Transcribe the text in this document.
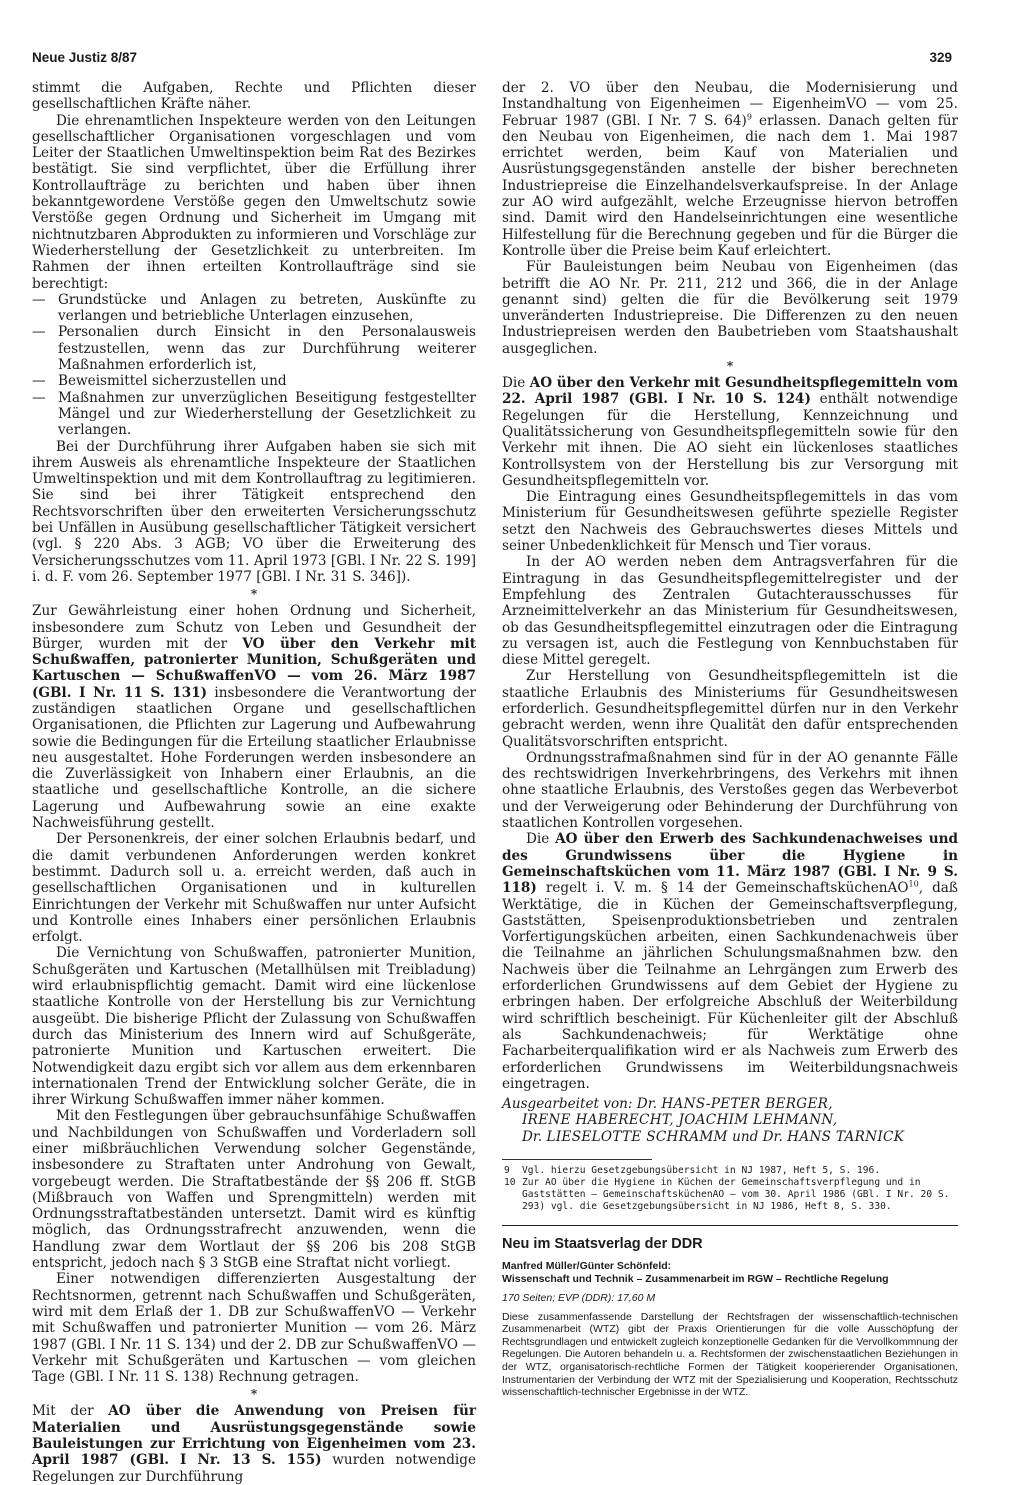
Neue Justiz 8/87	329

stimmt die Aufgaben, Rechte und Pflichten dieser gesellschaftlichen Kräfte näher.

Die ehrenamtlichen Inspekteure werden von den Leitungen gesellschaftlicher Organisationen vorgeschlagen und vom Leiter der Staatlichen Umweltinspektion beim Rat des Bezirkes bestätigt. Sie sind verpflichtet, über die Erfüllung ihrer Kontrollaufträge zu berichten und haben über ihnen bekanntgewordene Verstöße gegen den Umweltschutz sowie Verstöße gegen Ordnung und Sicherheit im Umgang mit nichtnutzbaren Abprodukten zu informieren und Vorschläge zur Wiederherstellung der Gesetzlichkeit zu unterbreiten. Im Rahmen der ihnen erteilten Kontrollaufträge sind sie berechtigt:

— Grundstücke und Anlagen zu betreten, Auskünfte zu verlangen und betriebliche Unterlagen einzusehen,
— Personalien durch Einsicht in den Personalausweis festzustellen, wenn das zur Durchführung weiterer Maßnahmen erforderlich ist,
— Beweismittel sicherzustellen und
— Maßnahmen zur unverzüglichen Beseitigung festgestellter Mängel und zur Wiederherstellung der Gesetzlichkeit zu verlangen.

Bei der Durchführung ihrer Aufgaben haben sie sich mit ihrem Ausweis als ehrenamtliche Inspekteure der Staatlichen Umweltinspektion und mit dem Kontrollauftrag zu legitimieren. Sie sind bei ihrer Tätigkeit entsprechend den Rechtsvorschriften über den erweiterten Versicherungsschutz bei Unfällen in Ausübung gesellschaftlicher Tätigkeit versichert (vgl. § 220 Abs. 3 AGB; VO über die Erweiterung des Versicherungsschutzes vom 11. April 1973 [GBl. I Nr. 22 S. 199] i. d. F. vom 26. September 1977 [GBl. I Nr. 31 S. 346]).

*

Zur Gewährleistung einer hohen Ordnung und Sicherheit, insbesondere zum Schutz von Leben und Gesundheit der Bürger, wurden mit der VO über den Verkehr mit Schußwaffen, patronierter Munition, Schußgeräten und Kartuschen — SchußwaffenVO — vom 26. März 1987 (GBl. I Nr. 11 S. 131) insbesondere die Verantwortung der zuständigen staatlichen Organe und gesellschaftlichen Organisationen, die Pflichten zur Lagerung und Aufbewahrung sowie die Bedingungen für die Erteilung staatlicher Erlaubnisse neu ausgestaltet. Hohe Forderungen werden insbesondere an die Zuverlässigkeit von Inhabern einer Erlaubnis, an die staatliche und gesellschaftliche Kontrolle, an die sichere Lagerung und Aufbewahrung sowie an eine exakte Nachweisführung gestellt.

Der Personenkreis, der einer solchen Erlaubnis bedarf, und die damit verbundenen Anforderungen werden konkret bestimmt. Dadurch soll u. a. erreicht werden, daß auch in gesellschaftlichen Organisationen und in kulturellen Einrichtungen der Verkehr mit Schußwaffen nur unter Aufsicht und Kontrolle eines Inhabers einer persönlichen Erlaubnis erfolgt.

Die Vernichtung von Schußwaffen, patronierter Munition, Schußgeräten und Kartuschen (Metallhülsen mit Treibladung) wird erlaubnispflichtig gemacht. Damit wird eine lückenlose staatliche Kontrolle von der Herstellung bis zur Vernichtung ausgeübt. Die bisherige Pflicht der Zulassung von Schußwaffen durch das Ministerium des Innern wird auf Schußgeräte, patronierte Munition und Kartuschen erweitert. Die Notwendigkeit dazu ergibt sich vor allem aus dem erkennbaren internationalen Trend der Entwicklung solcher Geräte, die in ihrer Wirkung Schußwaffen immer näher kommen.

Mit den Festlegungen über gebrauchsunfähige Schußwaffen und Nachbildungen von Schußwaffen und Vorderladern soll einer mißbräuchlichen Verwendung solcher Gegenstände, insbesondere zu Straftaten unter Androhung von Gewalt, vorgebeugt werden. Die Straftatbestände der §§ 206 ff. StGB (Mißbrauch von Waffen und Sprengmitteln) werden mit Ordnungsstraftatbeständen untersetzt. Damit wird es künftig möglich, das Ordnungsstrafrecht anzuwenden, wenn die Handlung zwar dem Wortlaut der §§ 206 bis 208 StGB entspricht, jedoch nach § 3 StGB eine Straftat nicht vorliegt.

Einer notwendigen differenzierten Ausgestaltung der Rechtsnormen, getrennt nach Schußwaffen und Schußgeräten, wird mit dem Erlaß der 1. DB zur SchußwaffenVO — Verkehr mit Schußwaffen und patronierter Munition — vom 26. März 1987 (GBl. I Nr. 11 S. 134) und der 2. DB zur SchußwaffenVO — Verkehr mit Schußgeräten und Kartuschen — vom gleichen Tage (GBl. I Nr. 11 S. 138) Rechnung getragen.

*

Mit der AO über die Anwendung von Preisen für Materialien und Ausrüstungsgegenstände sowie Bauleistungen zur Errichtung von Eigenheimen vom 23. April 1987 (GBl. I Nr. 13 S. 155) wurden notwendige Regelungen zur Durchführung

der 2. VO über den Neubau, die Modernisierung und Instandhaltung von Eigenheimen — EigenheimVO — vom 25. Februar 1987 (GBl. I Nr. 7 S. 64)$^9$ erlassen. Danach gelten für den Neubau von Eigenheimen, die nach dem 1. Mai 1987 errichtet werden, beim Kauf von Materialien und Ausrüstungsgegenständen anstelle der bisher berechneten Industriepreise die Einzelhandelsverkaufspreise. In der Anlage zur AO wird aufgezählt, welche Erzeugnisse hiervon betroffen sind. Damit wird den Handelseinrichtungen eine wesentliche Hilfestellung für die Berechnung gegeben und für die Bürger die Kontrolle über die Preise beim Kauf erleichtert.

Für Bauleistungen beim Neubau von Eigenheimen (das betrifft die AO Nr. Pr. 211, 212 und 366, die in der Anlage genannt sind) gelten die für die Bevölkerung seit 1979 unveränderten Industriepreise. Die Differenzen zu den neuen Industriepreisen werden den Baubetrieben vom Staatshaushalt ausgeglichen.

*

Die AO über den Verkehr mit Gesundheitspflegemitteln vom 22. April 1987 (GBl. I Nr. 10 S. 124) enthält notwendige Regelungen für die Herstellung, Kennzeichnung und Qualitätssicherung von Gesundheitspflegemitteln sowie für den Verkehr mit ihnen. Die AO sieht ein lückenloses staatliches Kontrollsystem von der Herstellung bis zur Versorgung mit Gesundheitspflegemitteln vor.

Die Eintragung eines Gesundheitspflegemittels in das vom Ministerium für Gesundheitswesen geführte spezielle Register setzt den Nachweis des Gebrauchswertes dieses Mittels und seiner Unbedenklichkeit für Mensch und Tier voraus.

In der AO werden neben dem Antragsverfahren für die Eintragung in das Gesundheitspflegemittelregister und der Empfehlung des Zentralen Gutachterausschusses für Arzneimittelverkehr an das Ministerium für Gesundheitswesen, ob das Gesundheitspflegemittel einzutragen oder die Eintragung zu versagen ist, auch die Festlegung von Kennbuchstaben für diese Mittel geregelt.

Zur Herstellung von Gesundheitspflegemitteln ist die staatliche Erlaubnis des Ministeriums für Gesundheitswesen erforderlich. Gesundheitspflegemittel dürfen nur in den Verkehr gebracht werden, wenn ihre Qualität den dafür entsprechenden Qualitätsvorschriften entspricht.

Ordnungsstrafmaßnahmen sind für in der AO genannte Fälle des rechtswidrigen Inverkehrbringens, des Verkehrs mit ihnen ohne staatliche Erlaubnis, des Verstoßes gegen das Werbeverbot und der Verweigerung oder Behinderung der Durchführung von staatlichen Kontrollen vorgesehen.

Die AO über den Erwerb des Sachkundenachweises und des Grundwissens über die Hygiene in Gemeinschaftsküchen vom 11. März 1987 (GBl. I Nr. 9 S. 118) regelt i. V. m. § 14 der GemeinschaftsküchenAO$^{10}$, daß Werktätige, die in Küchen der Gemeinschaftsverpflegung, Gaststätten, Speisenproduktionsbetrieben und zentralen Vorfertigungsküchen arbeiten, einen Sachkundenachweis über die Teilnahme an jährlichen Schulungsmaßnahmen bzw. den Nachweis über die Teilnahme an Lehrgängen zum Erwerb des erforderlichen Grundwissens auf dem Gebiet der Hygiene zu erbringen haben. Der erfolgreiche Abschluß der Weiterbildung wird schriftlich bescheinigt. Für Küchenleiter gilt der Abschluß als Sachkundenachweis; für Werktätige ohne Facharbeiterqualifikation wird er als Nachweis zum Erwerb des erforderlichen Grundwissens im Weiterbildungsnachweis eingetragen.

Ausgearbeitet von: Dr. HANS-PETER BERGER,
IRENE HABERECHT, JOACHIM LEHMANN,
Dr. LIESELOTTE SCHRAMM und Dr. HANS TARNICK
9 Vgl. hierzu Gesetzgebungsübersicht in NJ 1987, Heft 5, S. 196.
10 Zur AO über die Hygiene in Küchen der Gemeinschaftsverpflegung und in Gaststätten – GemeinschaftsküchenAO – vom 30. April 1986 (GBl. I Nr. 20 S. 293) vgl. die Gesetzgebungsübersicht in NJ 1986, Heft 8, S. 330.
Neu im Staatsverlag der DDR
Manfred Müller/Günter Schönfeld:
Wissenschaft und Technik – Zusammenarbeit im RGW – Rechtliche Regelung
170 Seiten; EVP (DDR): 17,60 M
Diese zusammenfassende Darstellung der Rechtsfragen der wissenschaftlich-technischen Zusammenarbeit (WTZ) gibt der Praxis Orientierungen für die volle Ausschöpfung der Rechtsgrundlagen und entwickelt zugleich konzeptionelle Gedanken für die Vervollkommnung der Regelungen. Die Autoren behandeln u. a. Rechtsformen der zwischenstaatlichen Beziehungen in der WTZ, organisatorisch-rechtliche Formen der Tätigkeit kooperierender Organisationen, Instrumentarien der Verbindung der WTZ mit der Spezialisierung und Kooperation, Rechtsschutz wissenschaftlich-technischer Ergebnisse in der WTZ.
